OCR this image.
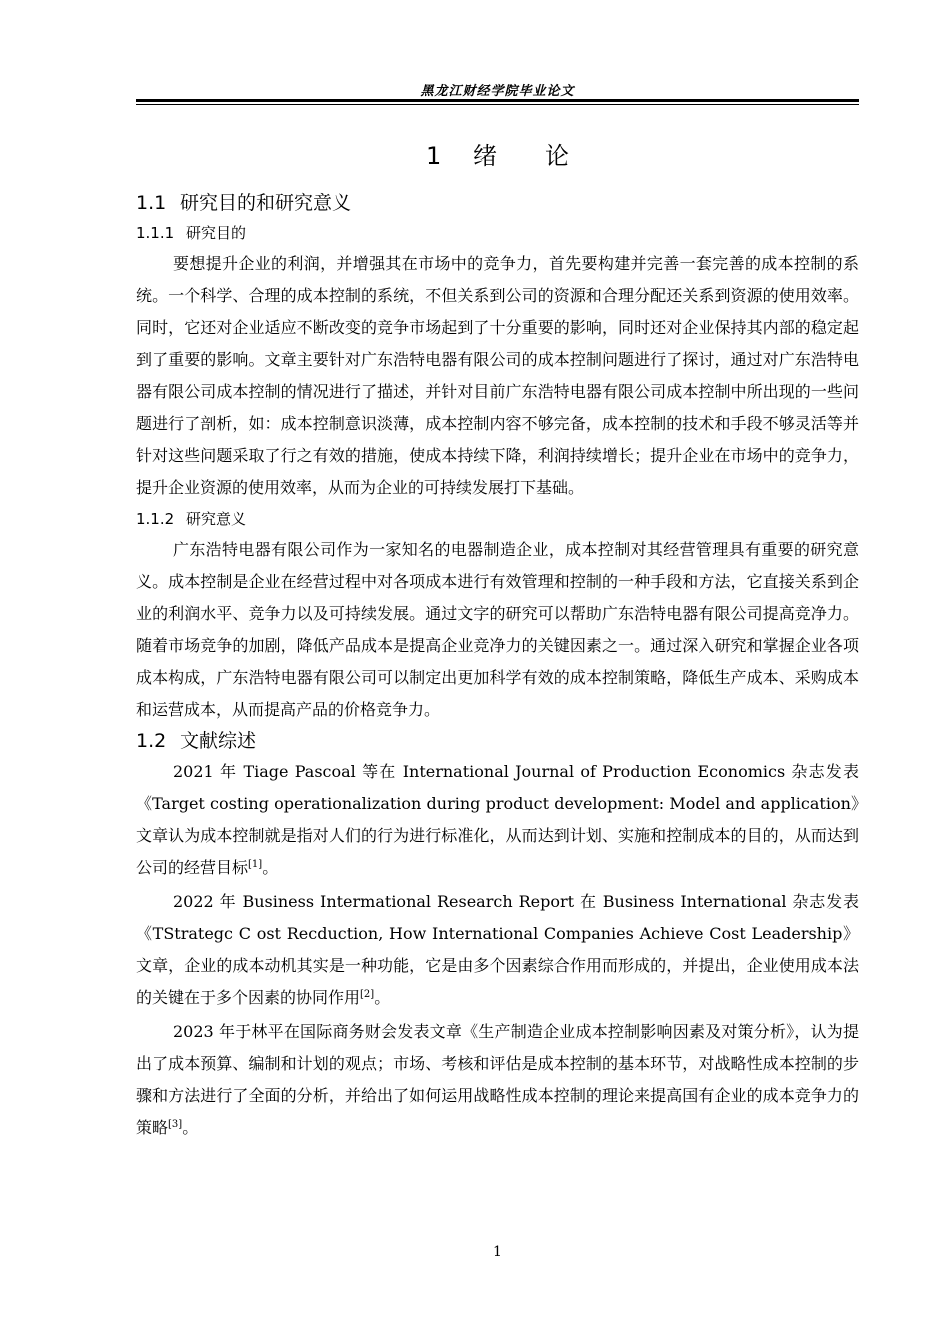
黑龙江财经学院毕业论文
1　 绪　　论
1.1 研究目的和研究意义
1.1.1 研究目的

要想提升企业的利润，并增强其在市场中的竞争力，首先要构建并完善一套完善的成本控制的系统。一个科学、合理的成本控制的系统，不但关系到公司的资源和合理分配还关系到资源的使用效率。同时，它还对企业适应不断改变的竞争市场起到了十分重要的影响，同时还对企业保持其内部的稳定起到了重要的影响。文章主要针对广东浩特电器有限公司的成本控制问题进行了探讨，通过对广东浩特电器有限公司成本控制的情况进行了描述，并针对目前广东浩特电器有限公司成本控制中所出现的一些问题进行了剖析，如：成本控制意识淡薄，成本控制内容不够完备，成本控制的技术和手段不够灵活等并针对这些问题采取了行之有效的措施，使成本持续下降，利润持续增长；提升企业在市场中的竞争力，提升企业资源的使用效率，从而为企业的可持续发展打下基础。

1.1.2 研究意义

广东浩特电器有限公司作为一家知名的电器制造企业，成本控制对其经营管理具有重要的研究意义。成本控制是企业在经营过程中对各项成本进行有效管理和控制的一种手段和方法，它直接关系到企业的利润水平、竞争力以及可持续发展。通过文字的研究可以帮助广东浩特电器有限公司提高竞净力。随着市场竞争的加剧，降低产品成本是提高企业竞净力的关键因素之一。通过深入研究和掌握企业各项成本构成，广东浩特电器有限公司可以制定出更加科学有效的成本控制策略，降低生产成本、采购成本和运营成本，从而提高产品的价格竞争力。

1.2 文献综述

2021 年 Tiage Pascoal 等在 International Journal of Production Economics 杂志发表《Target costing operationalization during product development: Model and application》文章认为成本控制就是指对人们的行为进行标准化，从而达到计划、实施和控制成本的目的，从而达到公司的经营目标[1]。

2022 年 Business Intermational Research Report 在 Business International 杂志发表《TStrategc C ost Recduction, How International Companies Achieve Cost Leadership》文章，企业的成本动机其实是一种功能，它是由多个因素综合作用而形成的，并提出，企业使用成本法的关键在于多个因素的协同作用[2]。

2023 年于林平在国际商务财会发表文章《生产制造企业成本控制影响因素及对策分析》，认为提出了成本预算、编制和计划的观点；市场、考核和评估是成本控制的基本环节，对战略性成本控制的步骤和方法进行了全面的分析，并给出了如何运用战略性成本控制的理论来提高国有企业的成本竞争力的策略[3]。

1
